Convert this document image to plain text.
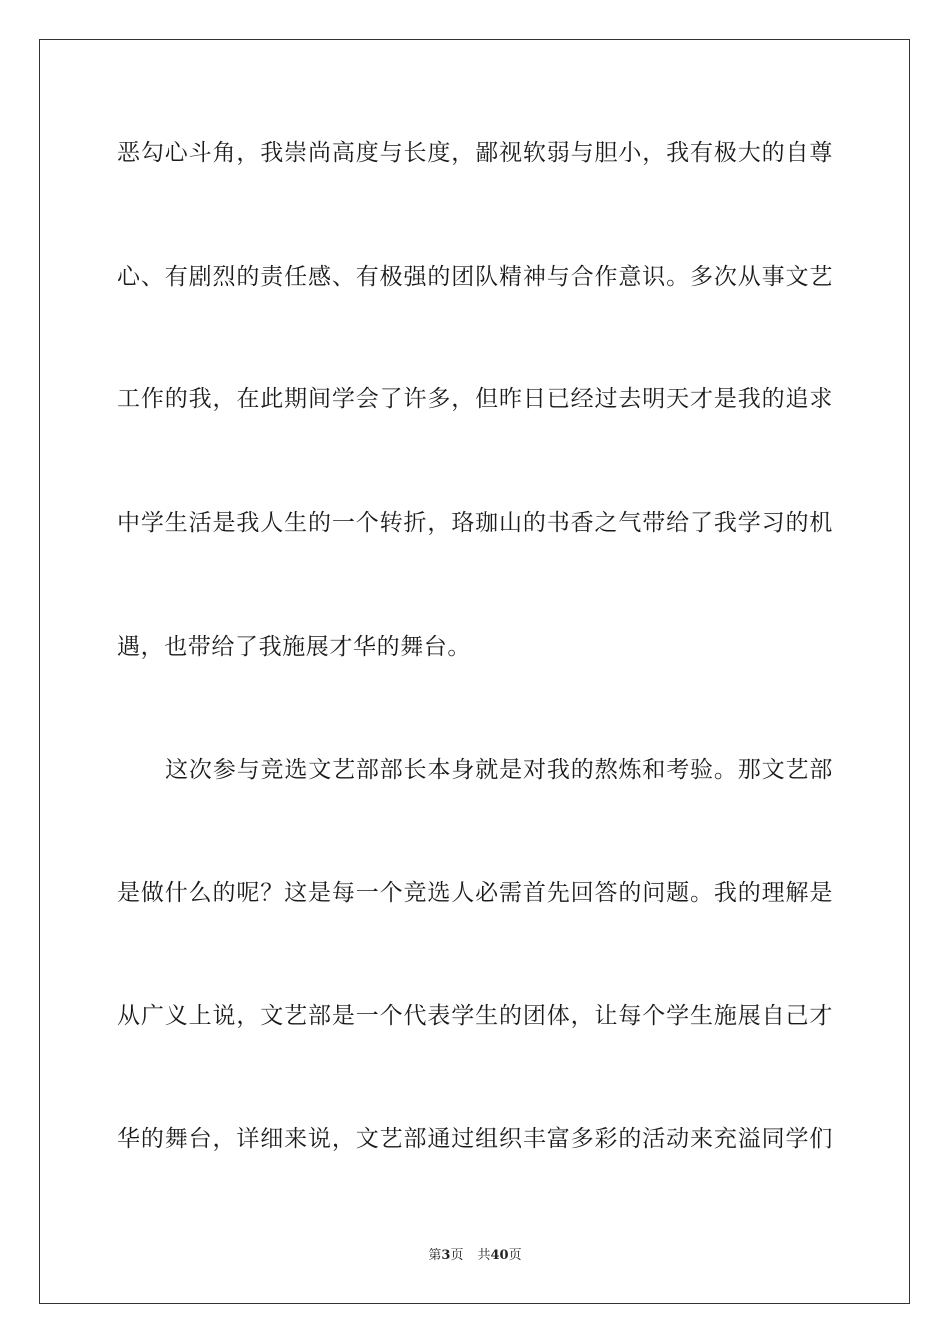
恶勾心斗角，我崇尚高度与长度，鄙视软弱与胆小，我有极大的自尊
心、有剧烈的责任感、有极强的团队精神与合作意识。多次从事文艺
工作的我，在此期间学会了许多，但昨日已经过去明天才是我的追求
中学生活是我人生的一个转折，珞珈山的书香之气带给了我学习的机
遇，也带给了我施展才华的舞台。
这次参与竞选文艺部部长本身就是对我的熬炼和考验。那文艺部
是做什么的呢？这是每一个竞选人必需首先回答的问题。我的理解是
从广义上说，文艺部是一个代表学生的团体，让每个学生施展自己才
华的舞台，详细来说，文艺部通过组织丰富多彩的活动来充溢同学们
第3页 共40页
